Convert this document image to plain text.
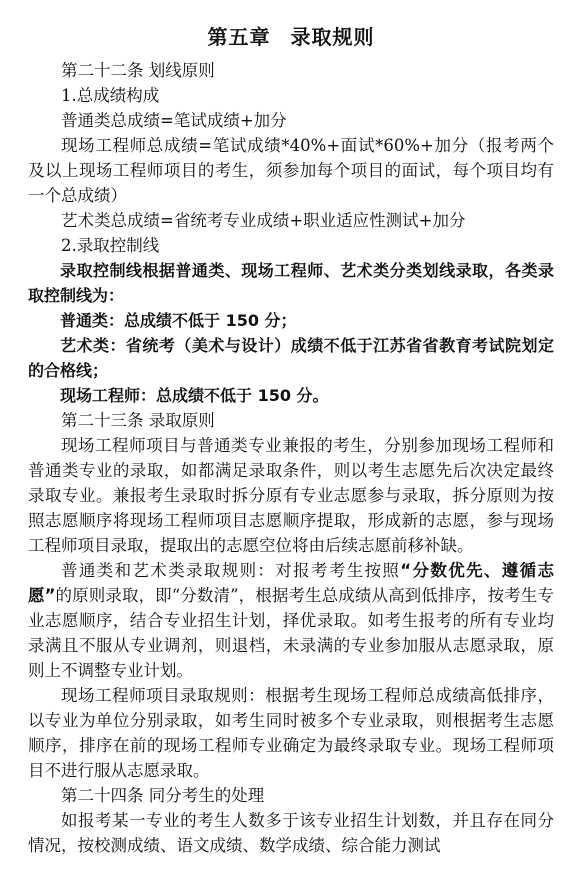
第五章 录取规则

第二十二条 划线原则

1.总成绩构成

普通类总成绩=笔试成绩+加分

现场工程师总成绩=笔试成绩*40%+面试*60%+加分（报考两个及以上现场工程师项目的考生，须参加每个项目的面试，每个项目均有一个总成绩）

艺术类总成绩=省统考专业成绩+职业适应性测试+加分

2.录取控制线

录取控制线根据普通类、现场工程师、艺术类分类划线录取，各类录取控制线为：

普通类：总成绩不低于 150 分；

艺术类：省统考（美术与设计）成绩不低于江苏省省教育考试院划定的合格线；

现场工程师：总成绩不低于 150 分。

第二十三条 录取原则

现场工程师项目与普通类专业兼报的考生，分别参加现场工程师和普通类专业的录取，如都满足录取条件，则以考生志愿先后次决定最终录取专业。兼报考生录取时拆分原有专业志愿参与录取，拆分原则为按照志愿顺序将现场工程师项目志愿顺序提取，形成新的志愿，参与现场工程师项目录取，提取出的志愿空位将由后续志愿前移补缺。

普通类和艺术类录取规则：对报考考生按照“分数优先、遵循志愿”的原则录取，即“分数清”，根据考生总成绩从高到低排序，按考生专业志愿顺序，结合专业招生计划，择优录取。如考生报考的所有专业均录满且不服从专业调剂，则退档，未录满的专业参加服从志愿录取，原则上不调整专业计划。

现场工程师项目录取规则：根据考生现场工程师总成绩高低排序，以专业为单位分别录取，如考生同时被多个专业录取，则根据考生志愿顺序，排序在前的现场工程师专业确定为最终录取专业。现场工程师项目不进行服从志愿录取。

第二十四条 同分考生的处理

如报考某一专业的考生人数多于该专业招生计划数，并且存在同分情况，按校测成绩、语文成绩、数学成绩、综合能力测试
